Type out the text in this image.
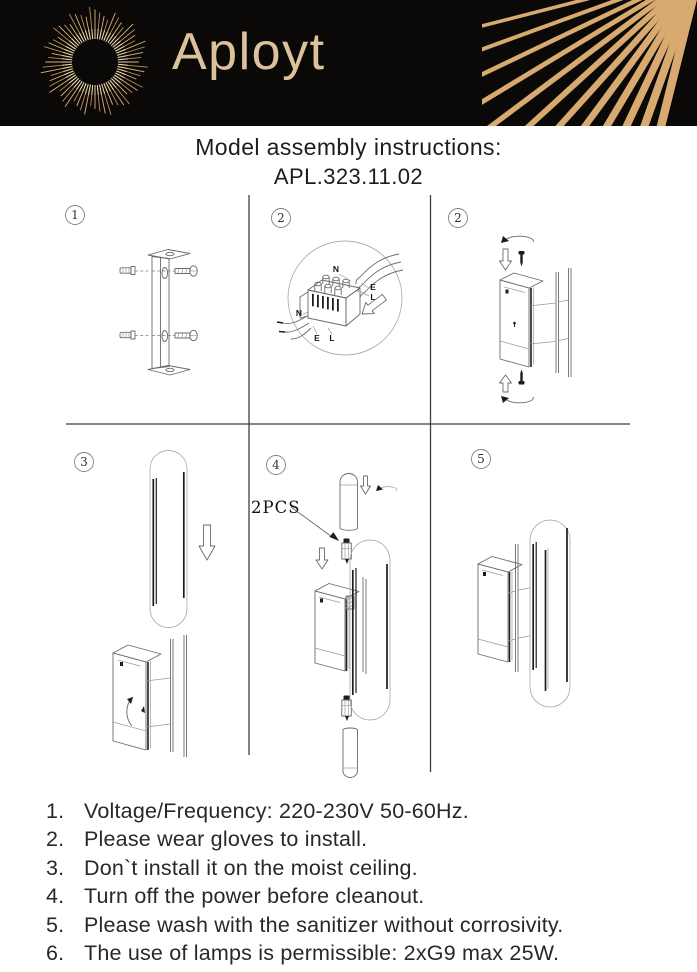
Aployt
Model assembly instructions:
APL.323.11.02
1	2	2
3	4	5
N
E
L
N
E L
2PCS
1. Voltage/Frequency: 220-230V 50-60Hz.
2. Please wear gloves to install.
3. Don`t install it on the moist ceiling.
4. Turn off the power before cleanout.
5. Please wash with the sanitizer without corrosivity.
6. The use of lamps is permissible: 2xG9 max 25W.
